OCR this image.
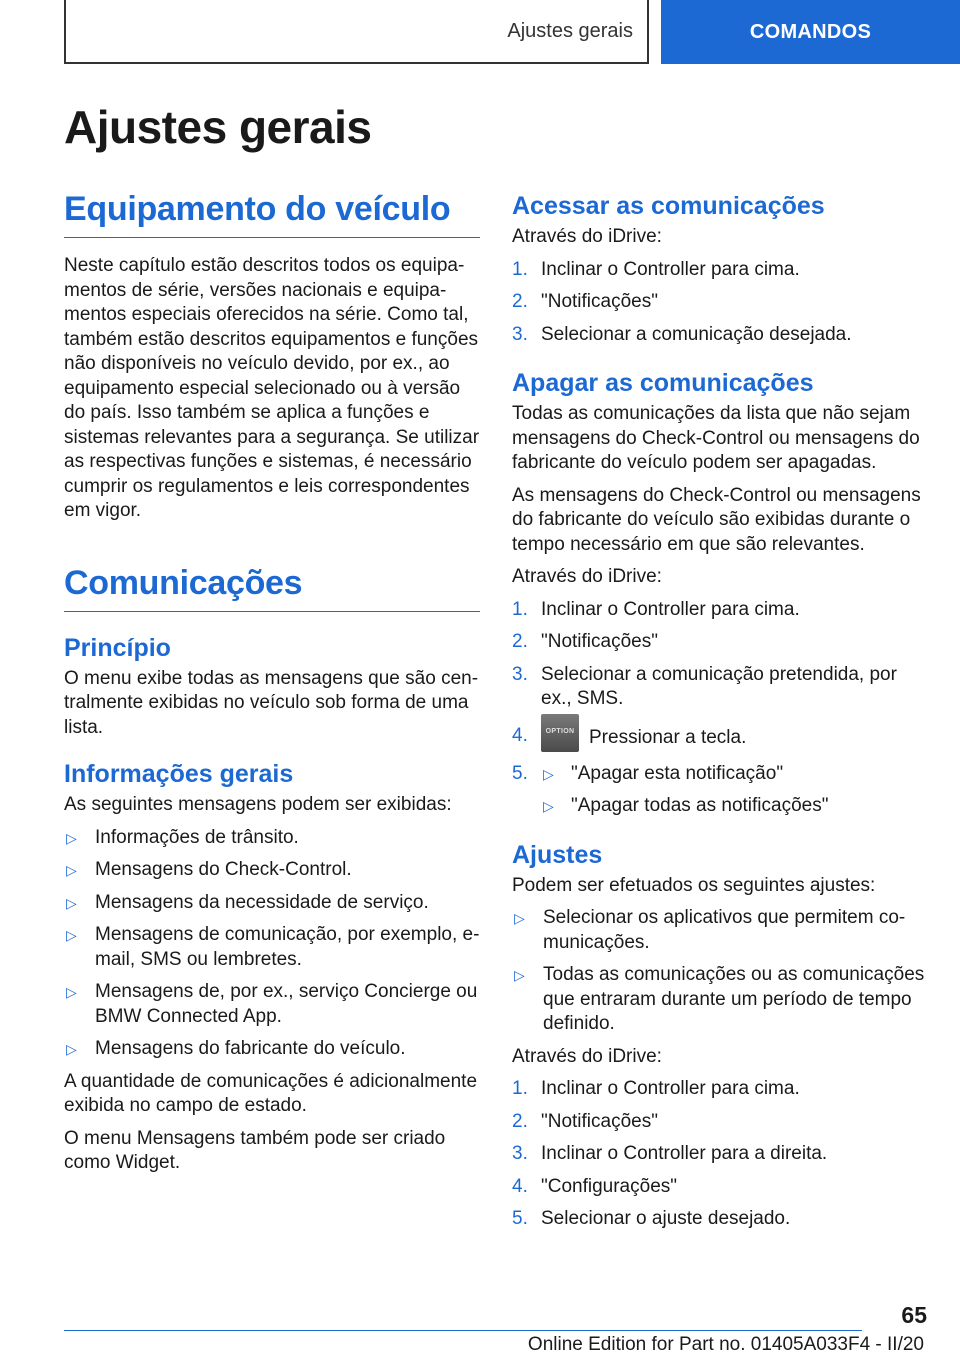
Ajustes gerais	COMANDOS
Ajustes gerais
Equipamento do veículo

Neste capítulo estão descritos todos os equipamentos de série, versões nacionais e equipamentos especiais oferecidos na série. Como tal, também estão descritos equipamentos e funções não disponíveis no veículo devido, por ex., ao equipamento especial selecionado ou à versão do país. Isso também se aplica a funções e sistemas relevantes para a segurança. Se utilizar as respectivas funções e sistemas, é necessário cumprir os regulamentos e leis correspondentes em vigor.

Comunicações
Princípio

O menu exibe todas as mensagens que são centralmente exibidas no veículo sob forma de uma lista.

Informações gerais

As seguintes mensagens podem ser exibidas:

▷ Informações de trânsito.
▷ Mensagens do Check-Control.
▷ Mensagens da necessidade de serviço.
▷ Mensagens de comunicação, por exemplo, e-mail, SMS ou lembretes.
▷ Mensagens de, por ex., serviço Concierge ou BMW Connected App.
▷ Mensagens do fabricante do veículo.

A quantidade de comunicações é adicionalmente exibida no campo de estado.

O menu Mensagens também pode ser criado como Widget.

Acessar as comunicações

Através do iDrive:

1. Inclinar o Controller para cima.
2. "Notificações"
3. Selecionar a comunicação desejada.
Apagar as comunicações

Todas as comunicações da lista que não sejam mensagens do Check-Control ou mensagens do fabricante do veículo podem ser apagadas.

As mensagens do Check-Control ou mensagens do fabricante do veículo são exibidas durante o tempo necessário em que são relevantes.

Através do iDrive:

1. Inclinar o Controller para cima.
2. "Notificações"
3. Selecionar a comunicação pretendida, por ex., SMS.
4.	OPTION Pressionar a tecla.
5.	▷ "Apagar esta notificação"
▷ "Apagar todas as notificações"
Ajustes

Podem ser efetuados os seguintes ajustes:

▷ Selecionar os aplicativos que permitem comunicações.
▷ Todas as comunicações ou as comunicações que entraram durante um período de tempo definido.

Através do iDrive:

1. Inclinar o Controller para cima.
2. "Notificações"
3. Inclinar o Controller para a direita.
4. "Configurações"
5. Selecionar o ajuste desejado.
65
Online Edition for Part no. 01405A033F4 - II/20
